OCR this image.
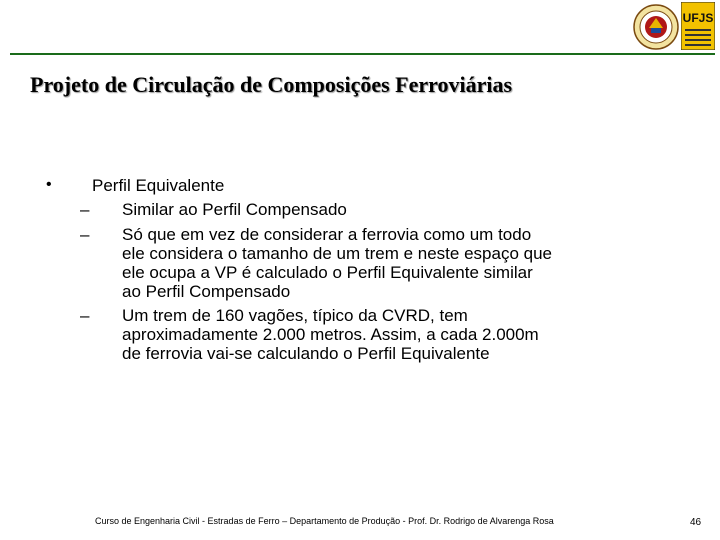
UFJS
Projeto de Circulação de Composições Ferroviárias
• Perfil Equivalente
– Similar ao Perfil Compensado
– Só que em vez de considerar a ferrovia como um todo
ele considera o tamanho de um trem e neste espaço que
ele ocupa a VP é calculado o Perfil Equivalente similar
ao Perfil Compensado
– Um trem de 160 vagões, típico da CVRD, tem
aproximadamente 2.000 metros. Assim, a cada 2.000m
de ferrovia vai-se calculando o Perfil Equivalente
Curso de Engenharia Civil - Estradas de Ferro – Departamento de Produção - Prof. Dr. Rodrigo de Alvarenga Rosa	46
